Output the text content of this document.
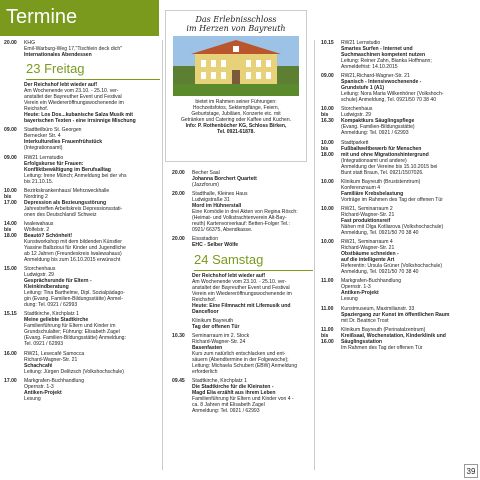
Termine	Das Erlebnisschloss
im Herzen von Bayreuth
bietet im Rahmen seiner Führungen:
Hochzeitsfotos, Sektempfänge, Feiern,
Geburtstage, Jubiläen, Konzerte etc. mit
Getränken und Catering oder Kaffee und Kuchen.
Info: P. Rothenbücher KG, Schloss Birken,
Tel. 0921-61878.
20.00	KHG
Emil-Warburg-Weg 17,"Tischlein deck dich"
Internationales Abendessen
23 Freitag
Der Reichshof lebt wieder auf!
Am Wochenende vom 23.10. - 25.10. ver-
anstaltet der Bayreuther Event und Festival
Verein ein Wiedereröffnungswochenende im
Reichshof.
Heute: Los Dos...kubanische Salza Musik mit
bayerischen Texten - eine irrsinnige Mischung
09.00	Stadtteilbüro St. Georgen
Bernecker Str. 4
Interkulturelles Frauenfrühstück
(Integrationsamt)
09.00	RW21 Lernstudio
Erfolgskurse für Frauen:
Konfliktbewältigung im Berufsalltag
Leitung: Irene Münch; Anmeldung bei der vhs
bis 21.10.15.
10.00 bis 17.00
Bezirkskrankenhaus/ Mehrzweckhalle
Nordring 2
Depression als Bezieungsstörung
Jahrestreffen Arbeitskreis Depressionsstati-
onen des Deutschland/ Schweiz
14.00 bis 18.00
Iwalewahaus
Wölfelstr. 2
Beautó? Schönheit!
Kunstworkshop mit dem bildenden Künstler
Yassine Balbzioui für Kinder und Jugendliche
ab 12 Jahren (Freundeskreis Iwalewahaus)
Anmeldung bis zum 16.10.2015 erwünscht
15.00	Storchenhaus
Ludwigstr. 29
Gesprächsrunde für Eltern -
Kleinkindberatung
Leitung: Tina Barthelme, Dipl. Sozialpädago-
gin (Evang. Familien-Bildungsstätte) Anmel-
dung: Tel. 0921 / 62993
15.15	Stadtkirche, Kirchplatz 1
Meine geliebte Stadtkirche
Familienführung für Eltern und Kinder im
Grundschulalter; Führung: Elisabeth Zagel
(Evang. Familien-Bildungsstätte) Anmeldung:
Tel. 0921 / 62993
16.00	RW21, Lesecafé Samocca
Richard-Wagner-Str. 21
Schachcafé
Leitung: Jürgen Delitzsch (Volkshochschule)
17.00	Markgrafen-Buchhandlung
Opernstr. 1-3
Antiken-Projekt
Lesung
20.00	Becher Saal
Johanna Borchert Quartett
(Jazzforum)
20.00	Stadthalle, Kleines Haus
Ludwigstraße 31
Mord im Hühnerstall
Eine Komödie in drei Akten von Regina Rösch:
(Heimat- und Volkstrachtenverein Alt-Bay-
reuth) Kartenvorverkauf: Betten-Folger Tel.:
0921/ 66375, Abendkasse.
20.00	Eissstadion
EHC - Selber Wölfe
24 Samstag
Der Reichshof lebt wieder auf!
Am Wochenende vom 23.10. - 25.10. ver-
anstaltet der Bayreuther Event und Festival
Verein ein Wiedereröffnungswochenende im
Reichshof.
Heute: Eine Filmnacht mit Lifemusik und
Dancefloor
Klinikum Bayreuth
Tag der offenen Tür
10.30	Seminarraum im 2. Stock
Richard-Wagner-Str. 24
Basenfasten
Kurs zum natürlich entschlacken und ent-
säuern (Abendtermine in der Folgewoche);
Leitung: Michaela Schubert (EBW) Anmeldung
erforderlich
09.45	Stadtkirche, Kirchplatz 1
Die Stadtkirche für die Kleinsten -
Magd Elia erzählt aus ihrem Leben
Familienführung für Eltern und Kinder von 4 -
ca. 8 Jahren mit Elisabeth Zagel
Anmeldung: Tel. 0921 / 62993
10.15	RW21 Lernstudio
Smartes Surfen - Internet und
Suchmaschinen kompetent nutzen
Leitung: Reiner Zahn, Bianka Hoffmann;
Anmeldefrist: 14.10.2015
09.00	RW21,Richard-Wagner-Str. 21
Spanisch - Intensivwochenende -
Grundstufe 1 (A1)
Leitung: Nora Maria Wilkenhöner (Volkshoch-
schule) Anmeldung, Tel. 0921/50 70 38 40
10.00 bis 16.30
Storchenhaus
Ludwigstr. 29
Kompaktkurs Säuglingspflege
(Evang. Familien-Bildungsstätte)
Anmeldung: Tel. 0921 / 62993
10.00 bis 18.00
Stadtparkett
Fußballweltbewerb für Menschen
mit und ohne Migrationshintergrund
(Integrationsamt und andere)
Anmeldung der Vereine bis 15.10.2015 bei
Bunt statt Braun, Tel. 0921/1507026.
10.00	Klinikum Bayreuth (Bruststenrtrum)
Konferenzraum 4
Familiäre Krebsbelastung
Vorträge im Rahmen des Tag der offenen Tür
10.00	RW21, Seminarraum 2
Richard-Wagner-Str. 21
Fast produktionsreif
Nähen mit Olga Kotliarova (Volkshochschule)
Anmeldung, Tel. 0921/50 70 38 40
10.00	RW21, Seminarraum 4
Richard-Wagner-Str. 21
Obstbäume schneiden -
auf die intelligente Art
Referentin: Ursula Grüner (Volkshochschule)
Anmeldung, Tel. 0921/50 70 38 40
11.00	Markgrafen-Buchhandlung
Opernstr. 1-3
Antiken-Projekt
Lesung
11.00	Kunstmuseum, Maximilianstr. 33
Spaziergang zur Kunst im öffentlichen Raum
mit Dr. Beatrice Trost
11.00 bis 16.00
Klinikum Bayreuth (Perinatalzentrum)
Kreißsaal, Wochenstation, Kinderklinik und
Säuglingsstation
Im Rahmen des Tag der offenen Tür
39
